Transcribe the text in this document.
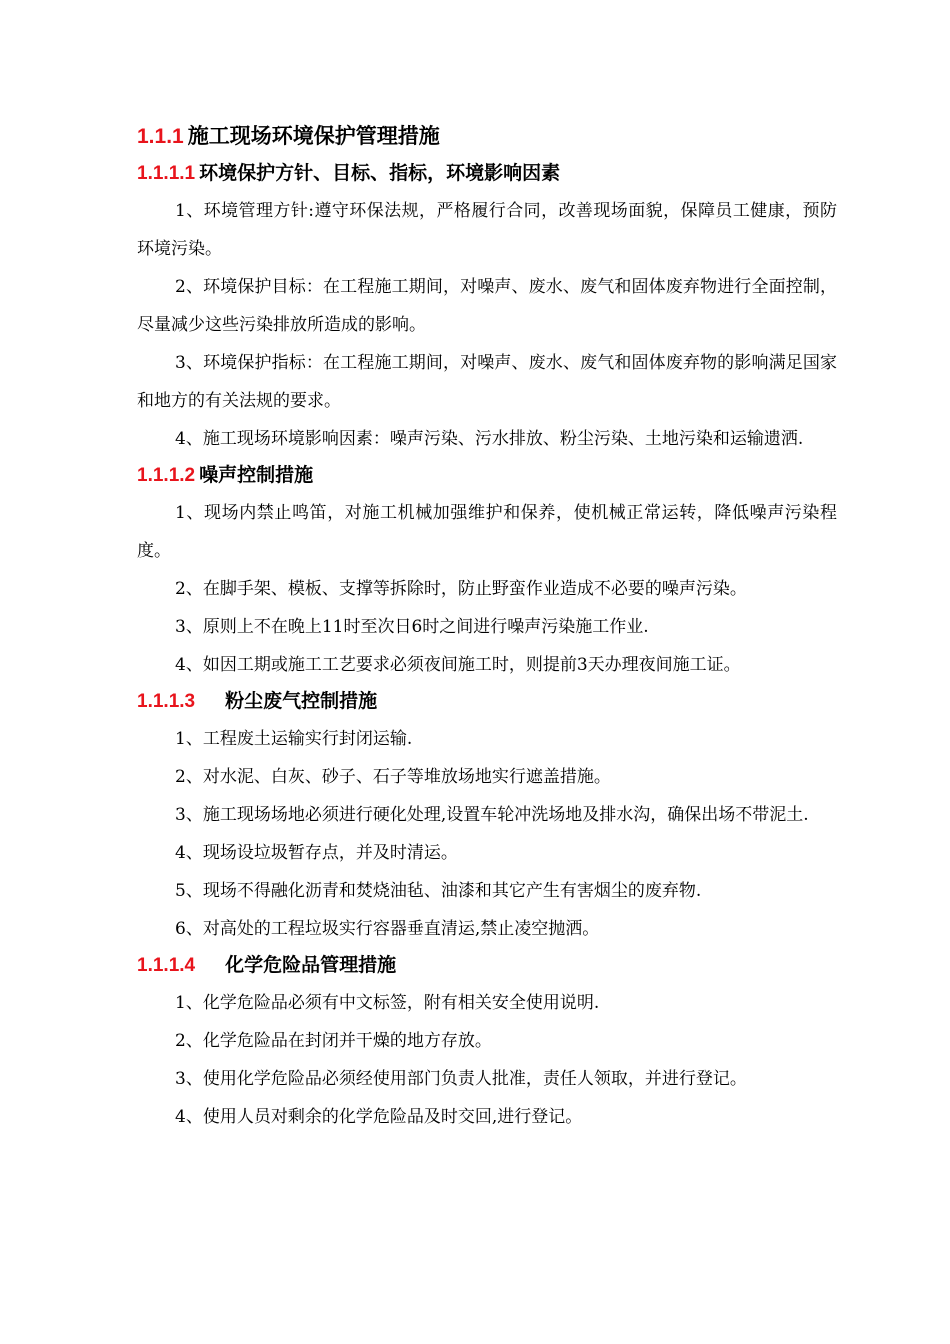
1.1.1 施工现场环境保护管理措施
1.1.1.1 环境保护方针、目标、指标，环境影响因素

1、环境管理方针:遵守环保法规，严格履行合同，改善现场面貌，保障员工健康，预防环境污染。

2、环境保护目标：在工程施工期间，对噪声、废水、废气和固体废弃物进行全面控制，尽量减少这些污染排放所造成的影响。

3、环境保护指标：在工程施工期间，对噪声、废水、废气和固体废弃物的影响满足国家和地方的有关法规的要求。

4、施工现场环境影响因素：噪声污染、污水排放、粉尘污染、土地污染和运输遗洒.

1.1.1.2 噪声控制措施

1、现场内禁止鸣笛，对施工机械加强维护和保养，使机械正常运转，降低噪声污染程度。

2、在脚手架、模板、支撑等拆除时，防止野蛮作业造成不必要的噪声污染。

3、原则上不在晚上11时至次日6时之间进行噪声污染施工作业.

4、如因工期或施工工艺要求必须夜间施工时，则提前3天办理夜间施工证。

1.1.1.3 粉尘废气控制措施

1、工程废土运输实行封闭运输.

2、对水泥、白灰、砂子、石子等堆放场地实行遮盖措施。

3、施工现场场地必须进行硬化处理,设置车轮冲洗场地及排水沟，确保出场不带泥土.

4、现场设垃圾暂存点，并及时清运。

5、现场不得融化沥青和焚烧油毡、油漆和其它产生有害烟尘的废弃物.

6、对高处的工程垃圾实行容器垂直清运,禁止凌空抛洒。

1.1.1.4 化学危险品管理措施

1、化学危险品必须有中文标签，附有相关安全使用说明.

2、化学危险品在封闭并干燥的地方存放。

3、使用化学危险品必须经使用部门负责人批准，责任人领取，并进行登记。

4、使用人员对剩余的化学危险品及时交回,进行登记。
